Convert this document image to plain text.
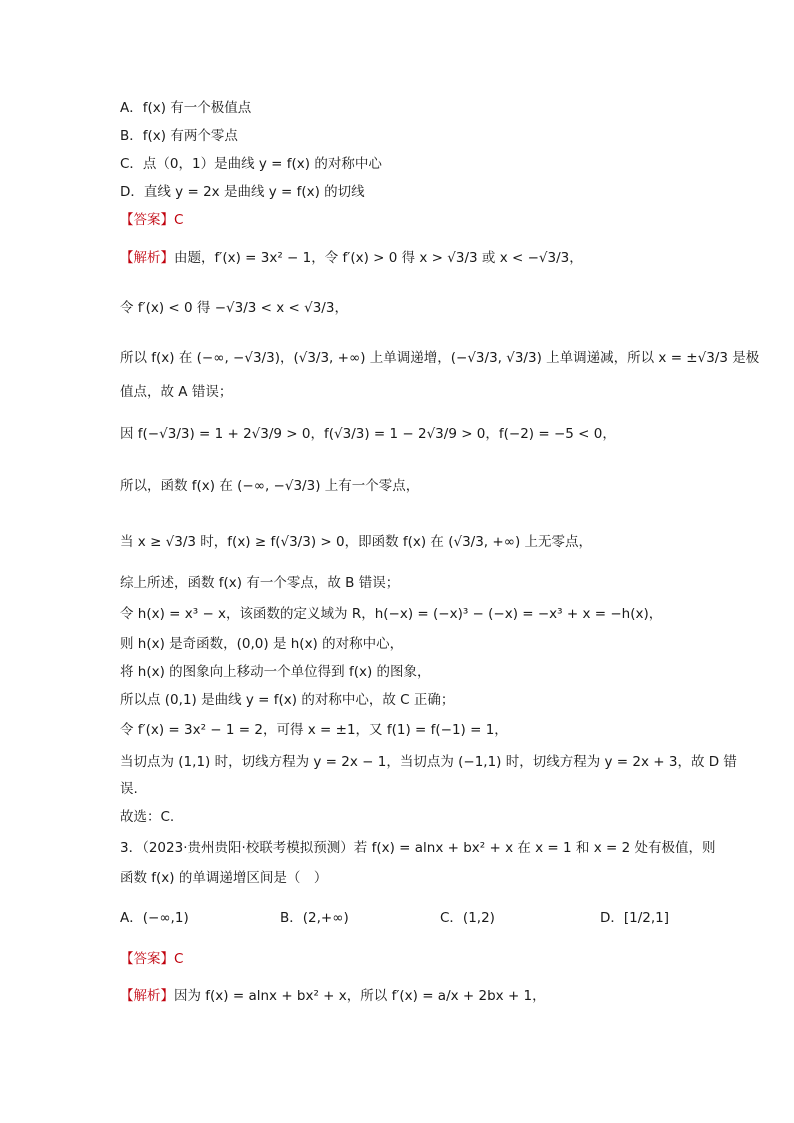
A．f(x) 有一个极值点
B．f(x) 有两个零点
C．点（0，1）是曲线 y = f(x) 的对称中心
D．直线 y = 2x 是曲线 y = f(x) 的切线
【答案】C
【解析】由题，f′(x) = 3x² − 1，令 f′(x) > 0 得 x > √3/3 或 x < −√3/3，
令 f′(x) < 0 得 −√3/3 < x < √3/3，
所以 f(x) 在 (−∞, −√3/3)，(√3/3, +∞) 上单调递增，(−√3/3, √3/3) 上单调递减，所以 x = ±√3/3 是极
值点，故 A 错误；
因 f(−√3/3) = 1 + 2√3/9 > 0，f(√3/3) = 1 − 2√3/9 > 0，f(−2) = −5 < 0，
所以，函数 f(x) 在 (−∞, −√3/3) 上有一个零点，
当 x ≥ √3/3 时，f(x) ≥ f(√3/3) > 0，即函数 f(x) 在 (√3/3, +∞) 上无零点，
综上所述，函数 f(x) 有一个零点，故 B 错误；
令 h(x) = x³ − x，该函数的定义域为 R，h(−x) = (−x)³ − (−x) = −x³ + x = −h(x)，
则 h(x) 是奇函数，(0,0) 是 h(x) 的对称中心，
将 h(x) 的图象向上移动一个单位得到 f(x) 的图象，
所以点 (0,1) 是曲线 y = f(x) 的对称中心，故 C 正确；
令 f′(x) = 3x² − 1 = 2，可得 x = ±1，又 f(1) = f(−1) = 1，
当切点为 (1,1) 时，切线方程为 y = 2x − 1，当切点为 (−1,1) 时，切线方程为 y = 2x + 3，故 D 错
误.
故选：C.
3．（2023·贵州贵阳·校联考模拟预测）若 f(x) = alnx + bx² + x 在 x = 1 和 x = 2 处有极值，则
函数 f(x) 的单调递增区间是（　）
A．(−∞,1)	B．(2,+∞)	C．(1,2)	D．[1/2,1]
【答案】C
【解析】因为 f(x) = alnx + bx² + x，所以 f′(x) = a/x + 2bx + 1，
